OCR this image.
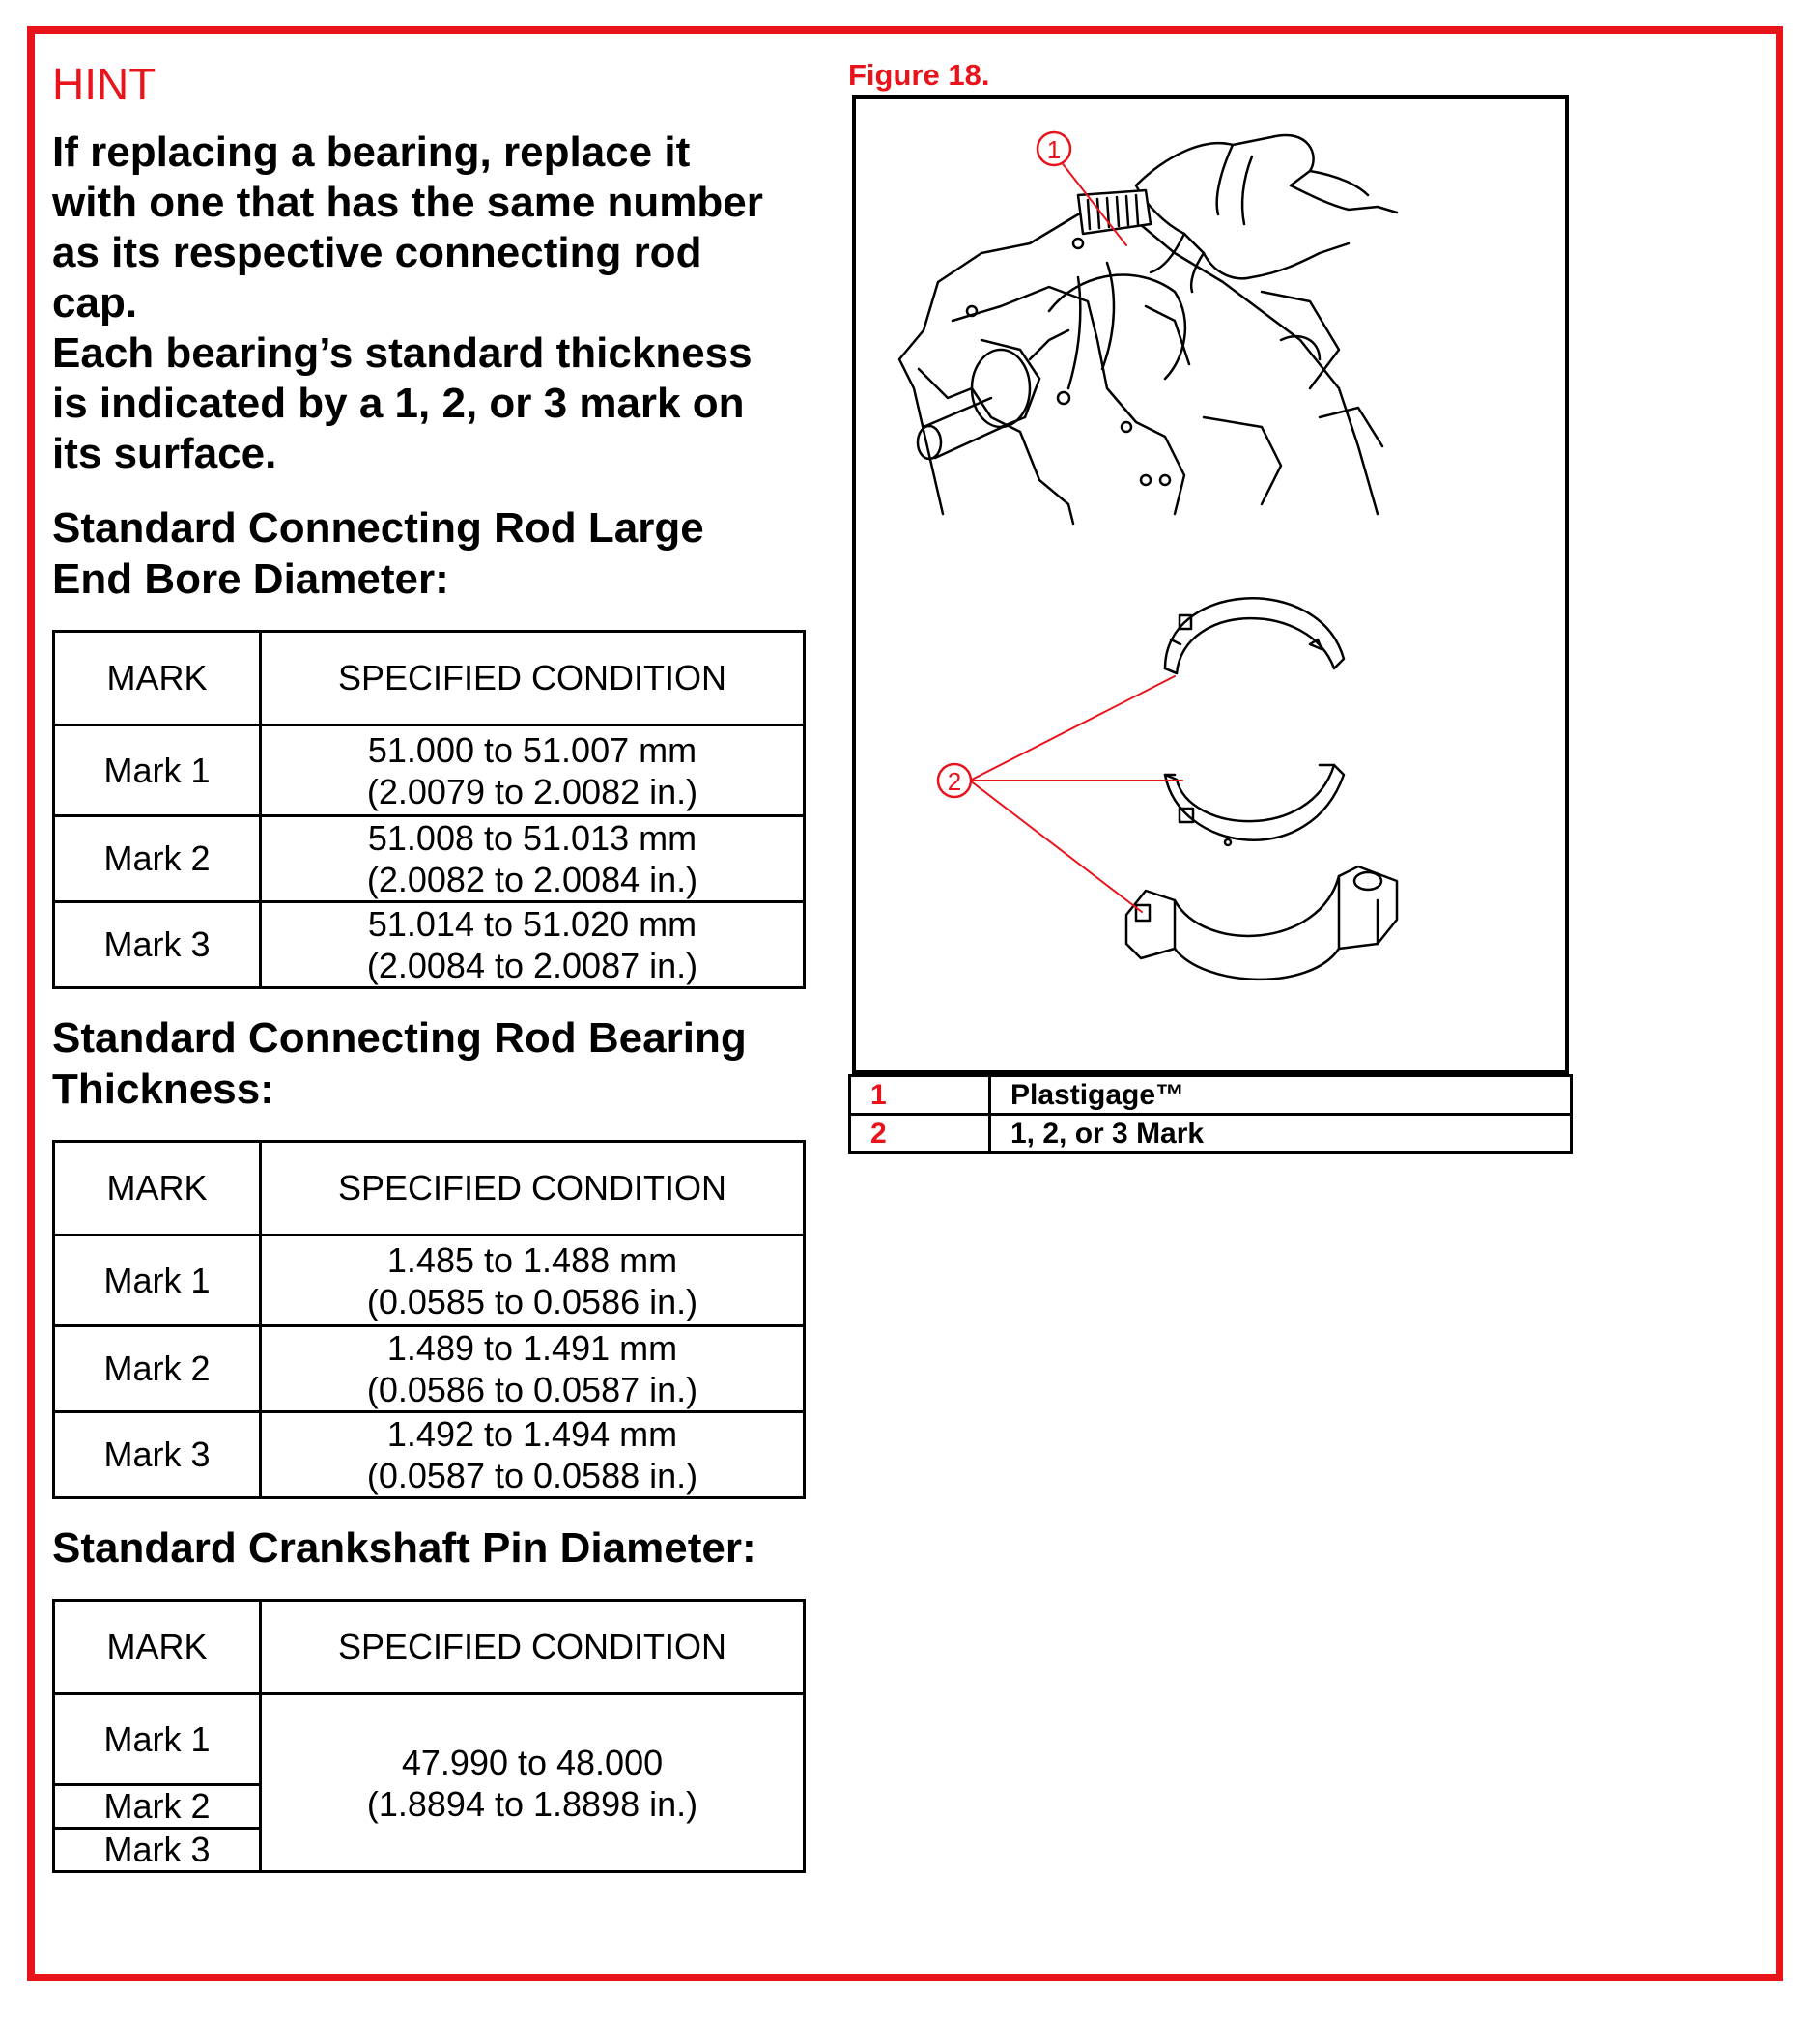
HINT
If replacing a bearing, replace it
with one that has the same number
as its respective connecting rod
cap.
Each bearing’s standard thickness
is indicated by a 1, 2, or 3 mark on
its surface.
Standard Connecting Rod Large
End Bore Diameter:
MARK	SPECIFIED CONDITION
Mark 1	51.000 to 51.007 mm
(2.0079 to 2.0082 in.)

Mark 2	51.008 to 51.013 mm
(2.0082 to 2.0084 in.)

Mark 3	51.014 to 51.020 mm
(2.0084 to 2.0087 in.)
Standard Connecting Rod Bearing
Thickness:
MARK	SPECIFIED CONDITION
Mark 1	1.485 to 1.488 mm
(0.0585 to 0.0586 in.)

Mark 2	1.489 to 1.491 mm
(0.0586 to 0.0587 in.)

Mark 3	1.492 to 1.494 mm
(0.0587 to 0.0588 in.)
Standard Crankshaft Pin Diameter:
MARK	SPECIFIED CONDITION
Mark 1	47.990 to 48.000
(1.8894 to 1.8898 in.)

Mark 2	
Mark 3	
Figure 18.
1
2
1	Plastigage™
2	1, 2, or 3 Mark
